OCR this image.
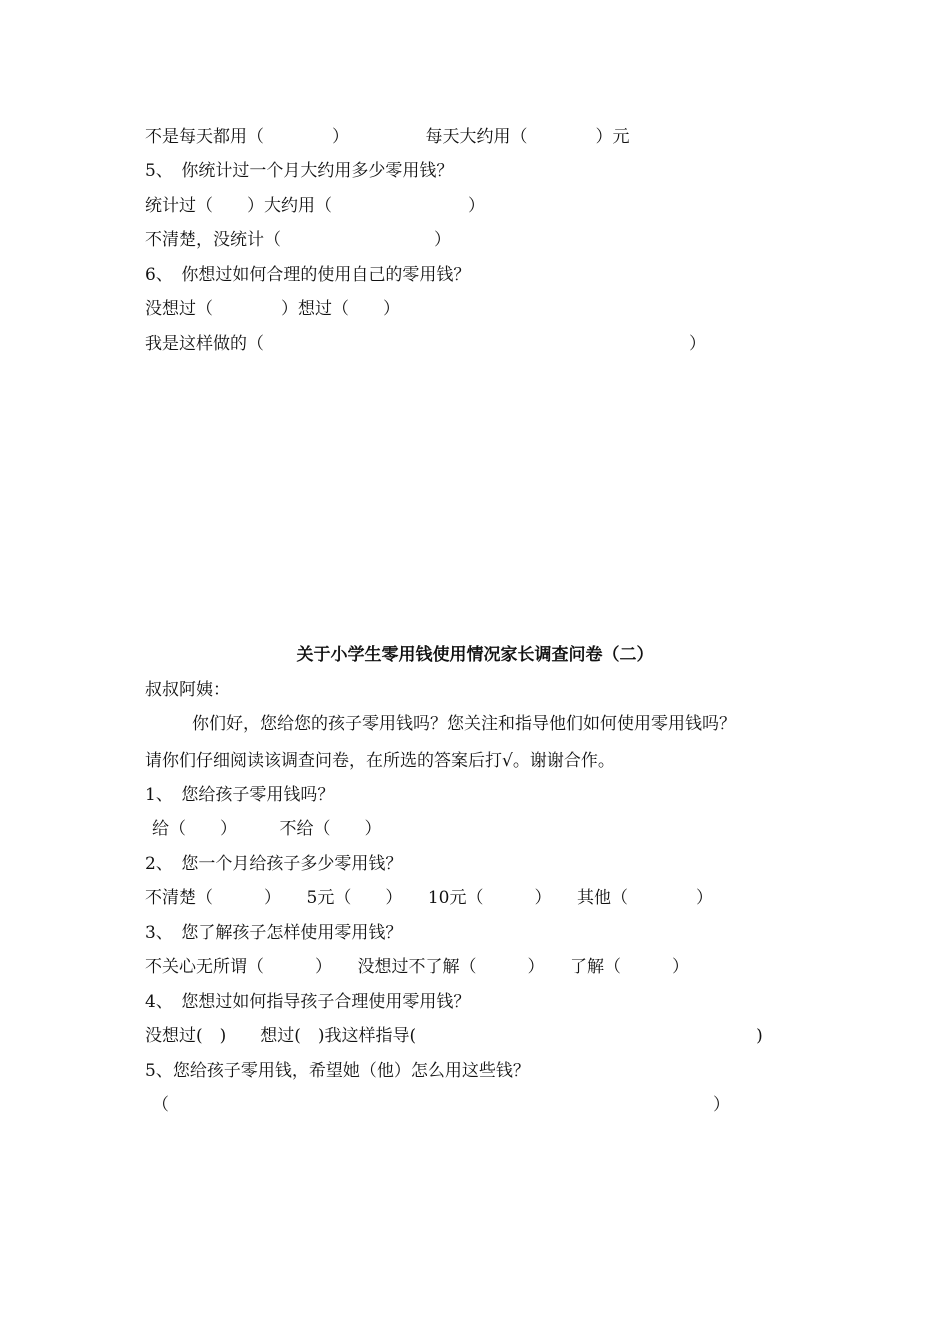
不是每天都用（　　　　）　　　　　每天大约用（　　　　）元
5、　你统计过一个月大约用多少零用钱？
统计过（　　）大约用（　　　　　　　　）
不清楚，没统计（　　　　　　　　　）
6、　你想过如何合理的使用自己的零用钱？
没想过（　　　　）想过（　　）
我是这样做的（　　　　　　　　　　　　　　　　　　　　　　　　　）
关于小学生零用钱使用情况家长调查问卷（二）
叔叔阿姨：
你们好，您给您的孩子零用钱吗？您关注和指导他们如何使用零用钱吗？
请你们仔细阅读该调查问卷，在所选的答案后打√。谢谢合作。
1、　您给孩子零用钱吗？
给（　　）　　　不给（　　）
2、　您一个月给孩子多少零用钱？
不清楚（　　　）　　5元（　　）　　10元（　　　）　　其他（　　　　）
3、　您了解孩子怎样使用零用钱？
不关心无所谓（　　　）　　没想过不了解（　　　）　　了解（　　　）
4、　您想过如何指导孩子合理使用零用钱？
没想过(　)　　想过(　)我这样指导(　　　　　　　　　　　　　　　　　　　　)
5、您给孩子零用钱，希望她（他）怎么用这些钱？
（　　　　　　　　　　　　　　　　　　　　　　　　　　　　　　　　）
